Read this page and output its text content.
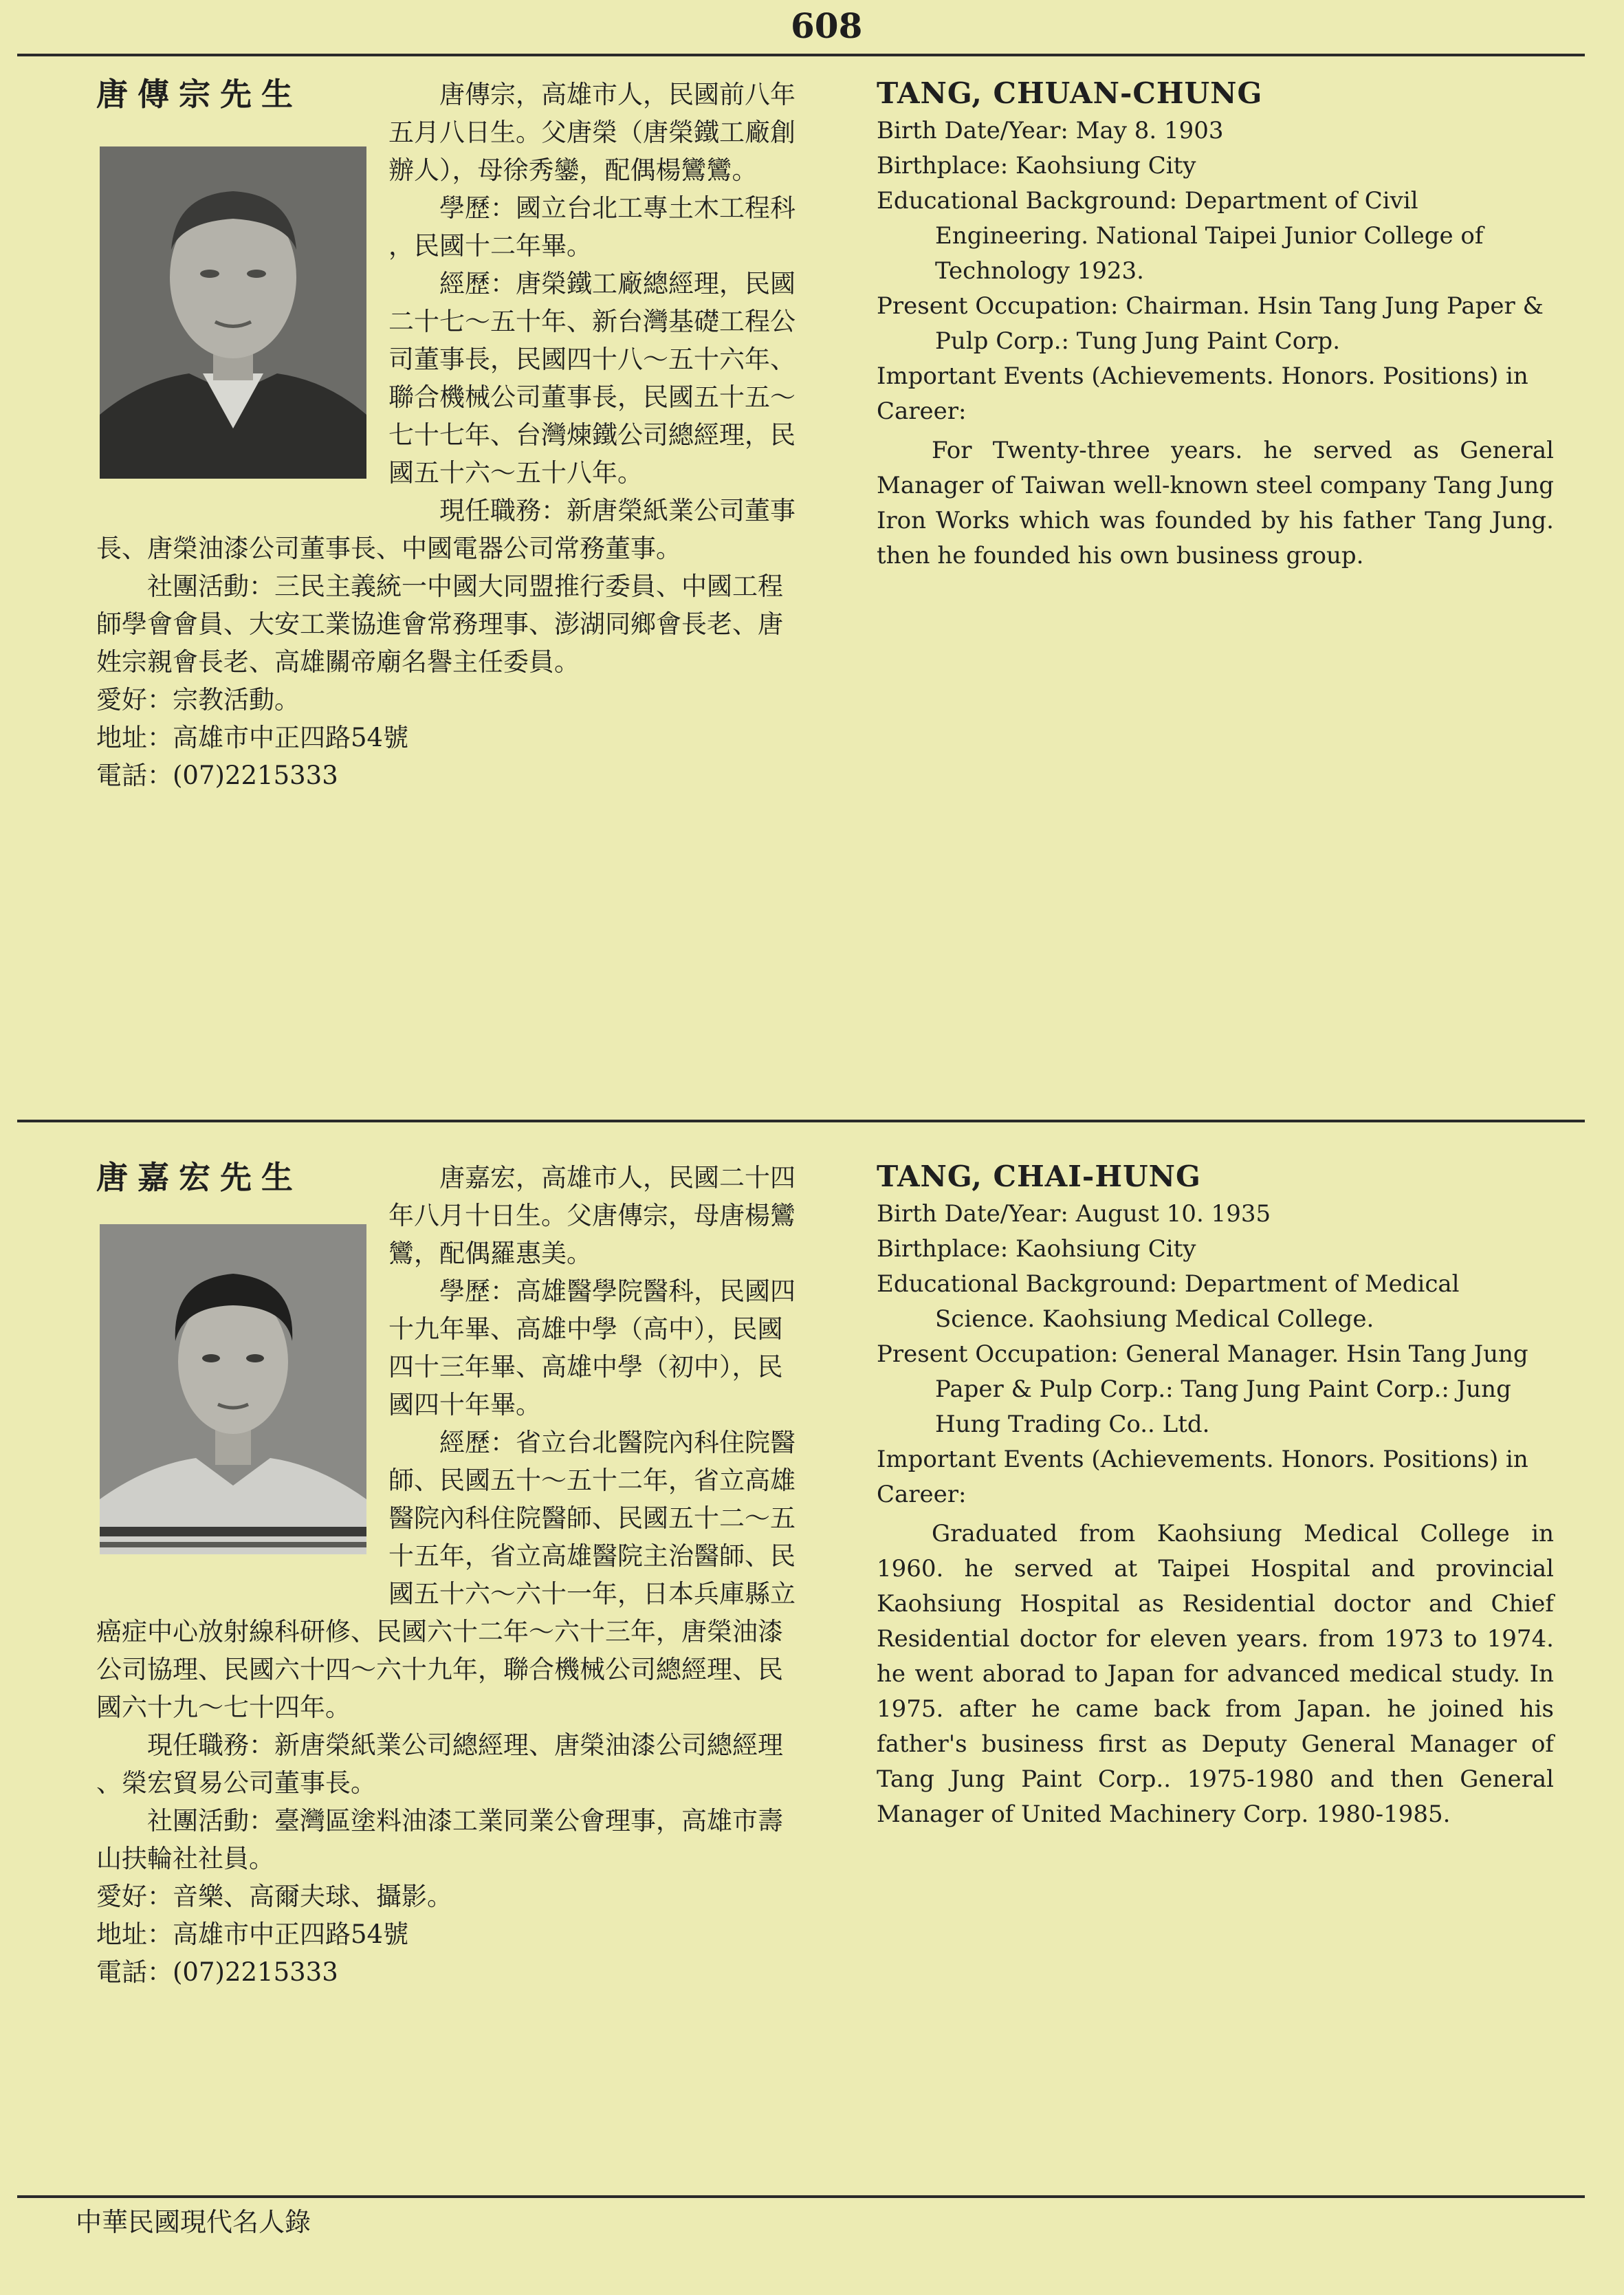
608
唐傳宗先生	唐傳宗，高雄市人，民國前八年
五月八日生。父唐榮（唐榮鐵工廠創
辦人），母徐秀鑾，配偶楊鸞鸞。
學歷：國立台北工專土木工程科
，民國十二年畢。
經歷：唐榮鐵工廠總經理，民國
二十七～五十年、新台灣基礎工程公
司董事長，民國四十八～五十六年、
聯合機械公司董事長，民國五十五～
七十七年、台灣煉鐵公司總經理，民
國五十六～五十八年。
現任職務：新唐榮紙業公司董事
長、唐榮油漆公司董事長、中國電器公司常務董事。
社團活動：三民主義統一中國大同盟推行委員、中國工程
師學會會員、大安工業協進會常務理事、澎湖同鄉會長老、唐
姓宗親會長老、高雄關帝廟名譽主任委員。
愛好：宗教活動。
地址：高雄市中正四路54號
電話：(07)2215333
TANG, CHUAN-CHUNG

Birth Date/Year: May 8. 1903

Birthplace: Kaohsiung City

Educational Background: Department of Civil Engineering. National Taipei Junior College of Technology 1923.

Present Occupation: Chairman. Hsin Tang Jung Paper & Pulp Corp.: Tung Jung Paint Corp.

Important Events (Achievements. Honors. Positions) in Career:

For Twenty-three years. he served as General Manager of Taiwan well-known steel company Tang Jung Iron Works which was founded by his father Tang Jung. then he founded his own business group.

唐嘉宏先生	唐嘉宏，高雄市人，民國二十四
年八月十日生。父唐傳宗，母唐楊鸞
鸞，配偶羅惠美。
學歷：高雄醫學院醫科，民國四
十九年畢、高雄中學（高中），民國
四十三年畢、高雄中學（初中），民
國四十年畢。
經歷：省立台北醫院內科住院醫
師、民國五十～五十二年，省立高雄
醫院內科住院醫師、民國五十二～五
十五年，省立高雄醫院主治醫師、民
國五十六～六十一年，日本兵庫縣立
癌症中心放射線科研修、民國六十二年～六十三年，唐榮油漆
公司協理、民國六十四～六十九年，聯合機械公司總經理、民
國六十九～七十四年。
現任職務：新唐榮紙業公司總經理、唐榮油漆公司總經理
、榮宏貿易公司董事長。
社團活動：臺灣區塗料油漆工業同業公會理事，高雄市壽
山扶輪社社員。
愛好：音樂、高爾夫球、攝影。
地址：高雄市中正四路54號
電話：(07)2215333
TANG, CHAI-HUNG

Birth Date/Year: August 10. 1935

Birthplace: Kaohsiung City

Educational Background: Department of Medical Science. Kaohsiung Medical College.

Present Occupation: General Manager. Hsin Tang Jung Paper & Pulp Corp.: Tang Jung Paint Corp.: Jung Hung Trading Co.. Ltd.

Important Events (Achievements. Honors. Positions) in Career:

Graduated from Kaohsiung Medical College in 1960. he served at Taipei Hospital and provincial Kaohsiung Hospital as Residential doctor and Chief Residential doctor for eleven years. from 1973 to 1974. he went aborad to Japan for advanced medical study. In 1975. after he came back from Japan. he joined his father's business first as Deputy General Manager of Tang Jung Paint Corp.. 1975-1980 and then General Manager of United Machinery Corp. 1980-1985.

中華民國現代名人錄
